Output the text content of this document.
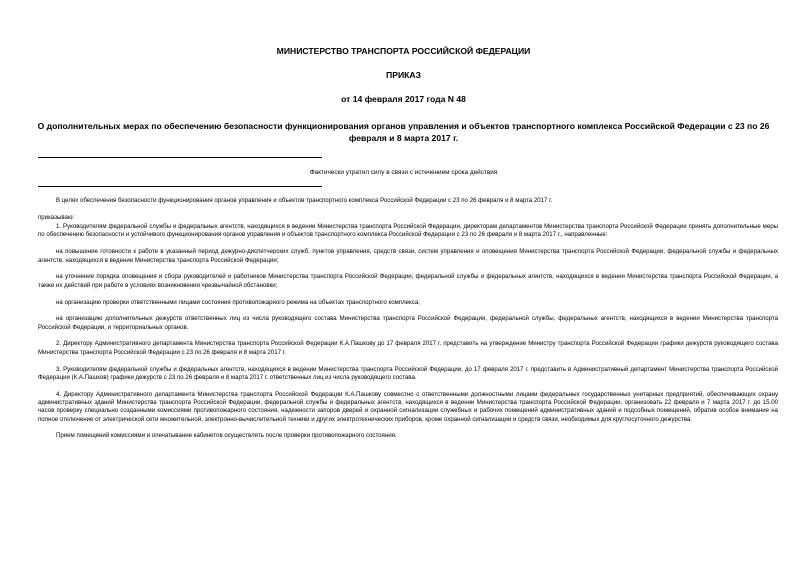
МИНИСТЕРСТВО ТРАНСПОРТА РОССИЙСКОЙ ФЕДЕРАЦИИ

ПРИКАЗ

от 14 февраля 2017 года N 48

О дополнительных мерах по обеспечению безопасности функционирования органов управления и объектов транспортного комплекса Российской Федерации с 23 по 26 февраля и 8 марта 2017 г.

Фактически утратил силу в связи с истечением срока действия

В целях обеспечения безопасности функционирования органов управления и объектов транспортного комплекса Российской Федерации с 23 по 26 февраля и 8 марта 2017 г.

приказываю:

1. Руководителям федеральной службы и федеральных агентств, находящихся в ведении Министерства транспорта Российской Федерации, директорам департаментов Министерства транспорта Российской Федерации принять дополнительные меры по обеспечению безопасности и устойчивого функционирования органов управления и объектов транспортного комплекса Российской Федерации с 23 по 26 февраля и 8 марта 2017 г., направленные:

на повышение готовности к работе в указанный период дежурно-диспетчерских служб, пунктов управления, средств связи, систем управления и оповещения Министерства транспорта Российской Федерации, федеральной службы и федеральных агентств, находящихся в ведении Министерства транспорта Российской Федерации;

на уточнение порядка оповещения и сбора руководителей и работников Министерства транспорта Российской Федерации, федеральной службы и федеральных агентств, находящихся в ведении Министерства транспорта Российской Федерации, а также их действий при работе в условиях возникновения чрезвычайной обстановки;

на организацию проверки ответственными лицами состояния противопожарного режима на объектах транспортного комплекса;

на организацию дополнительных дежурств ответственных лиц из числа руководящего состава Министерства транспорта Российской Федерации, федеральной службы, федеральных агентств, находящихся в ведении Министерства транспорта Российской Федерации, и территориальных органов.

2. Директору Административного департамента Министерства транспорта Российской Федерации К.А.Пашкову до 17 февраля 2017 г. представить на утверждение Министру транспорта Российской Федерации графики дежурств руководящего состава Министерства транспорта Российской Федерации с 23 по 26 февраля и 8 марта 2017 г.

3. Руководителям федеральной службы и федеральных агентств, находящихся в ведении Министерства транспорта Российской Федерации, до 17 февраля 2017 г. представить в Административный департамент Министерства транспорта Российской Федерации (К.А.Пашков) графики дежурств с 23 по 26 февраля и 8 марта 2017 г. ответственных лиц из числа руководящего состава.

4. Директору Административного департамента Министерства транспорта Российской Федерации К.А.Пашкову совместно с ответственными должностными лицами федеральных государственных унитарных предприятий, обеспечивающих охрану административных зданий Министерства транспорта Российской Федерации, федеральной службы и федеральных агентств, находящихся в ведении Министерства транспорта Российской Федерации, организовать 22 февраля и 7 марта 2017 г. до 15.00 часов проверку специально созданными комиссиями противопожарного состояния, надежности запоров дверей и охранной сигнализации служебных и рабочих помещений административных зданий и подсобных помещений, обратив особое внимание на полное отключение от электрической сети множительной, электронно-вычислительной техники и других электротехнических приборов, кроме охранной сигнализации и средств связи, необходимых для круглосуточного дежурства.

Прием помещений комиссиями и опечатывание кабинетов осуществлять после проверки противопожарного состояния.
